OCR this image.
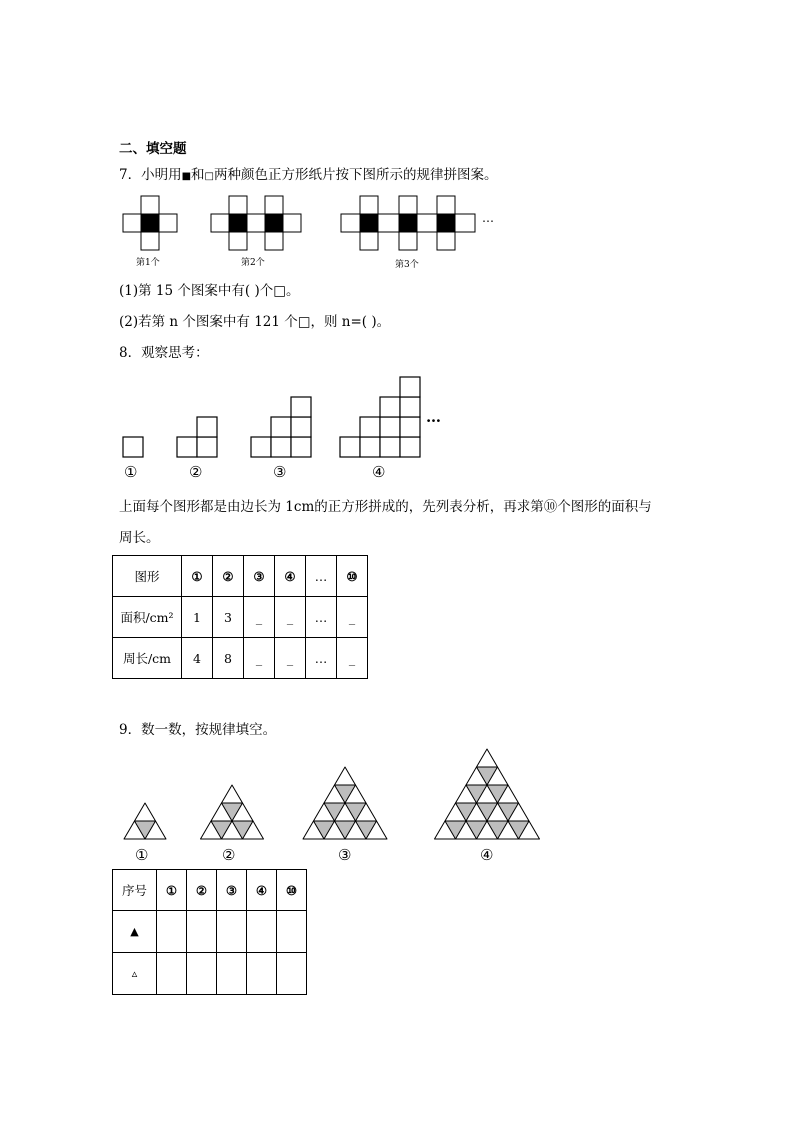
二、填空题
7．小明用■和□两种颜色正方形纸片按下图所示的规律拼图案。
…
第1个	第2个	第3个
(1)第 15 个图案中有( )个□。
(2)若第 n 个图案中有 121 个□，则 n=( )。
8．观察思考：
…
①	②	③	④
上面每个图形都是由边长为 1cm的正方形拼成的，先列表分析，再求第⑩个图形的面积与
周长。
图形	①	②	③	④	…	⑩
面积/cm²	1	3	_	_	…	_
周长/cm	4	8	_	_	…	_
9．数一数，按规律填空。
①	②	③	④
序号	①	②	③	④	⑩
▲					
▵					
